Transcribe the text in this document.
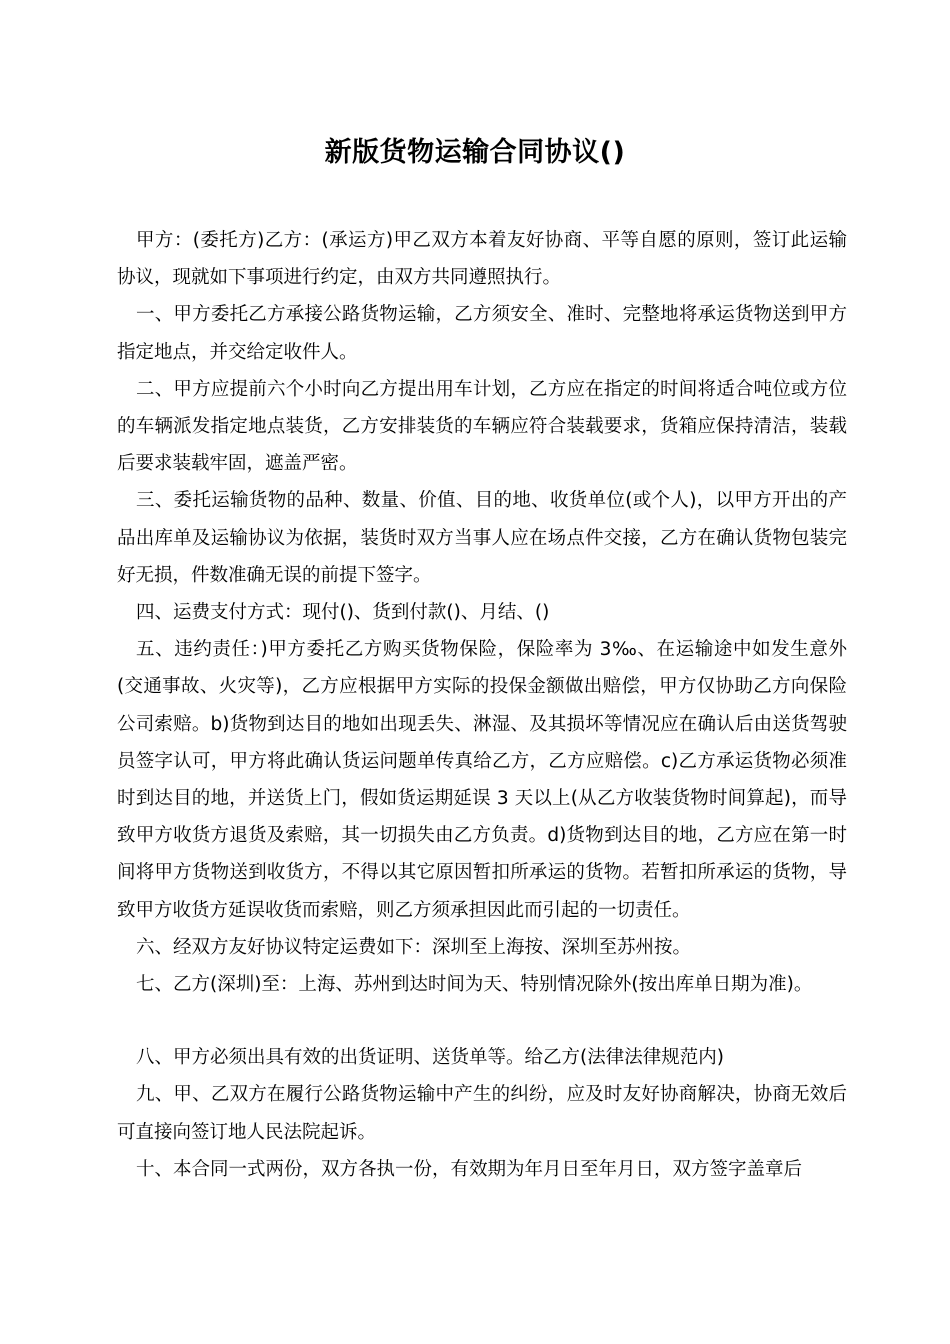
新版货物运输合同协议()

甲方：(委托方)乙方：(承运方)甲乙双方本着友好协商、平等自愿的原则，签订此运输协议，现就如下事项进行约定，由双方共同遵照执行。

一、甲方委托乙方承接公路货物运输，乙方须安全、准时、完整地将承运货物送到甲方指定地点，并交给定收件人。

二、甲方应提前六个小时向乙方提出用车计划，乙方应在指定的时间将适合吨位或方位的车辆派发指定地点装货，乙方安排装货的车辆应符合装载要求，货箱应保持清洁，装载后要求装载牢固，遮盖严密。

三、委托运输货物的品种、数量、价值、目的地、收货单位(或个人)，以甲方开出的产品出库单及运输协议为依据，装货时双方当事人应在场点件交接，乙方在确认货物包装完好无损，件数准确无误的前提下签字。

四、运费支付方式：现付()、货到付款()、月结、()

五、违约责任：)甲方委托乙方购买货物保险，保险率为 3‰、在运输途中如发生意外(交通事故、火灾等)，乙方应根据甲方实际的投保金额做出赔偿，甲方仅协助乙方向保险公司索赔。b)货物到达目的地如出现丢失、淋湿、及其损坏等情况应在确认后由送货驾驶员签字认可，甲方将此确认货运问题单传真给乙方，乙方应赔偿。c)乙方承运货物必须准时到达目的地，并送货上门，假如货运期延误 3 天以上(从乙方收装货物时间算起)，而导致甲方收货方退货及索赔，其一切损失由乙方负责。d)货物到达目的地，乙方应在第一时间将甲方货物送到收货方，不得以其它原因暂扣所承运的货物。若暂扣所承运的货物，导致甲方收货方延误收货而索赔，则乙方须承担因此而引起的一切责任。

六、经双方友好协议特定运费如下：深圳至上海按、深圳至苏州按。

七、乙方(深圳)至：上海、苏州到达时间为天、特别情况除外(按出库单日期为准)。

八、甲方必须出具有效的出货证明、送货单等。给乙方(法律法律规范内)

九、甲、乙双方在履行公路货物运输中产生的纠纷，应及时友好协商解决，协商无效后可直接向签订地人民法院起诉。

十、本合同一式两份，双方各执一份，有效期为年月日至年月日，双方签字盖章后
